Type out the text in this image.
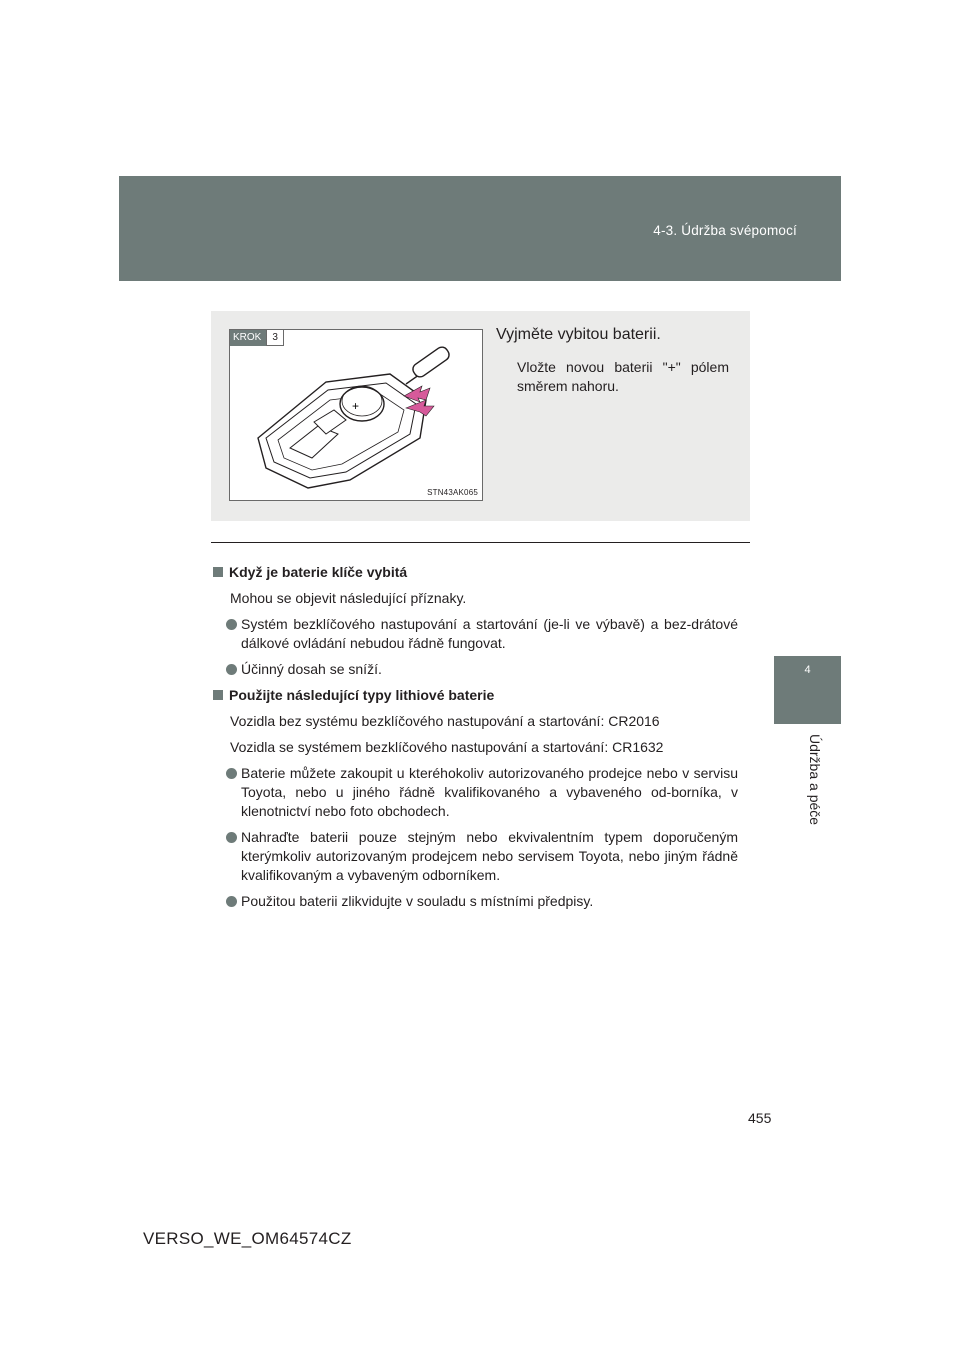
4-3. Údržba svépomocí
4
Údržba a péče
+
KROK	3
STN43AK065
Vyjměte vybitou baterii.
Vložte novou baterii "+" pólem směrem nahoru.
Když je baterie klíče vybitá
Mohou se objevit následující příznaky.
Systém bezklíčového nastupování a startování (je-li ve výbavě) a bez-drátové dálkové ovládání nebudou řádně fungovat.
Účinný dosah se sníží.
Použijte následující typy lithiové baterie
Vozidla bez systému bezklíčového nastupování a startování: CR2016
Vozidla se systémem bezklíčového nastupování a startování: CR1632
Baterie můžete zakoupit u kteréhokoliv autorizovaného prodejce nebo v servisu Toyota, nebo u jiného řádně kvalifikovaného a vybaveného od-borníka, v klenotnictví nebo foto obchodech.
Nahraďte baterii pouze stejným nebo ekvivalentním typem doporučeným kterýmkoliv autorizovaným prodejcem nebo servisem Toyota, nebo jiným řádně kvalifikovaným a vybaveným odborníkem.
Použitou baterii zlikvidujte v souladu s místními předpisy.
455
VERSO_WE_OM64574CZ
